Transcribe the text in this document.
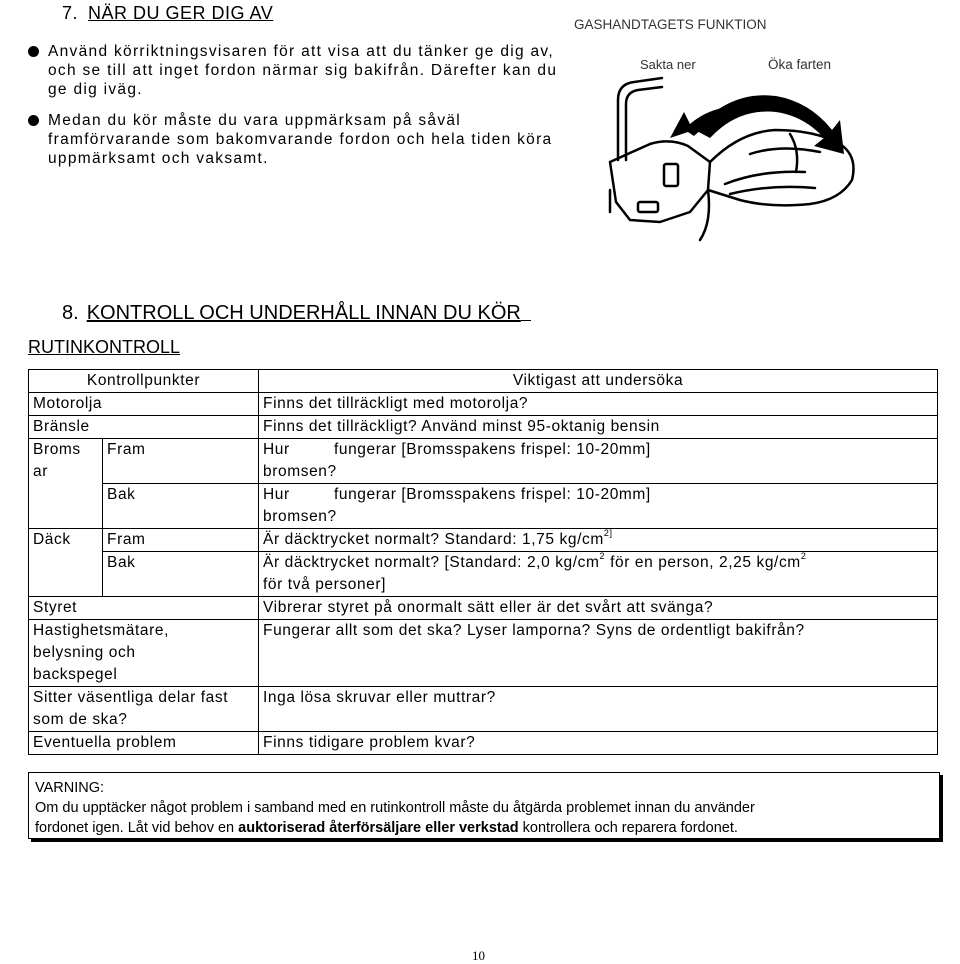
7. NÄR DU GER DIG AV
Använd körriktningsvisaren för att visa att du tänker ge dig av, och se till att inget fordon närmar sig bakifrån. Därefter kan du ge dig iväg.
Medan du kör måste du vara uppmärksam på såväl framförvarande som bakomvarande fordon och hela tiden köra uppmärksamt och vaksamt.
GASHANDTAGETS FUNKTION
Sakta ner	Öka farten
8. KONTROLL OCH UNDERHÅLL INNAN DU KÖR
RUTINKONTROLL
Kontrollpunkter		Viktigast att undersöka
Motorolja		Finns det tillräckligt med motorolja?
Bränsle		Finns det tillräckligt? Använd minst 95-oktanig bensin
Broms
ar	Fram	Hur         fungerar [Bromsspakens frispel: 10-20mm]
bromsen?
	Bak	Hur         fungerar [Bromsspakens frispel: 10-20mm]
bromsen?
Däck	Fram	Är däcktrycket normalt? Standard: 1,75 $kg/cm^{2]}$
	Bak	Är däcktrycket normalt? [Standard: 2,0 $kg/cm^2$ för en person, 2,25 $kg/cm^2$
för två personer]
Styret		Vibrerar styret på onormalt sätt eller är det svårt att svänga?
Hastighetsmätare,
belysning och
backspegel		Fungerar allt som det ska? Lyser lamporna? Syns de ordentligt bakifrån?
Sitter väsentliga delar fast
som de ska?		Inga lösa skruvar eller muttrar?
Eventuella problem		Finns tidigare problem kvar?
VARNING:
Om du upptäcker något problem i samband med en rutinkontroll måste du åtgärda problemet innan du använder
fordonet igen. Låt vid behov en auktoriserad återförsäljare eller verkstad kontrollera och reparera fordonet.
10
